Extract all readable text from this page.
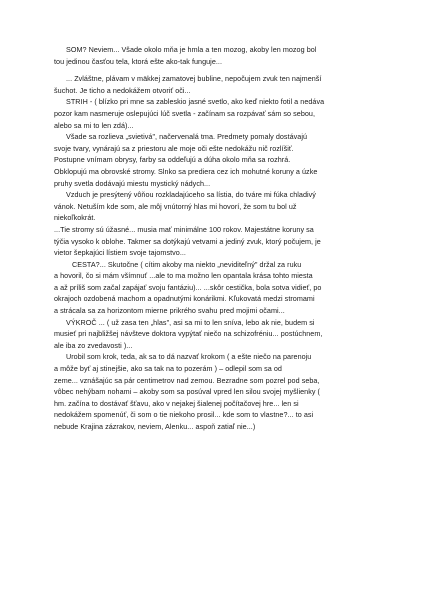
SOM? Neviem... Všade okolo mňa je hmla a ten mozog, akoby len mozog bol
tou jedinou časťou tela, ktorá ešte ako-tak funguje...
... Zvláštne, plávam v mäkkej zamatovej bubline, nepočujem zvuk ten najmenší
šuchot. Je ticho a nedokážem otvoriť oči...
STRIH - ( blízko pri mne sa zableskio jasné svetlo, ako keď niekto fotil a nedáva
pozor kam nasmeruje oslepujúci lúč svetla - začínam sa rozpávať sám so sebou,
alebo sa mi to len zdá)...
Všade sa rozlieva „svietivá", načervenalá tma. Predmety pomaly dostávajú
svoje tvary, vynárajú sa z priestoru ale moje oči ešte nedokážu nič rozlíšiť.
Postupne vnímam obrysy, farby sa oddeľujú a dúha okolo mňa sa rozhrá.
Obklopujú ma obrovské stromy. Slnko sa prediera cez ich mohutné koruny a úzke
pruhy svetla dodávajú miestu mystický nádych...
Vzduch je presýtený vôňou rozkladajúceho sa lístia, do tváre mi fúka chladivý
vánok. Netuším kde som, ale môj vnútorný hlas mi hovorí, že som tu bol už
niekoľkokrát.
...Tie stromy sú úžasné... musia mať minimálne 100 rokov. Majestátne koruny sa
týčia vysoko k oblohe. Takmer sa dotýkajú vetvami a jediný zvuk, ktorý počujem, je
vietor šepkajúci lístiem svoje tajomstvo...
CESTA?... Skutočne ( cítim akoby ma niekto „neviditeľný" držal za ruku
a hovoril, čo si mám všímnuť ...ale to ma možno len opantala krása tohto miesta
a až príliš som začal zapájať svoju fantáziu)... ...skôr cestička, bola sotva vidieť, po
okrajoch ozdobená machom a opadnutými konárikmi. Kľukovatá medzi stromami
a strácala sa za horizontom mierne prikrého svahu pred mojimi očami...
VÝKROČ ... ( už zasa ten „hlas", asi sa mi to len sníva, lebo ak nie, budem si
musieť pri najbližšej návšteve doktora vypýtať niečo na schizofréniu... postúchnem,
ale iba zo zvedavosti )...
Urobil som krok, teda, ak sa to dá nazvať krokom ( a ešte niečo na parenoju
a môže byť aj stinejšie, ako sa tak na to pozerám ) – odlepil som sa od
zeme... vznášajúc sa pár centimetrov nad zemou. Bezradne som pozrel pod seba,
vôbec nehýbam nohami – akoby som sa posúval vpred len silou svojej myšlienky (
hm. začína to dostávať šťavu, ako v nejakej šialenej počítačovej hre... len si
nedokážem spomenúť, či som o tie niekoho prosil... kde som to vlastne?... to asi
nebude Krajina zázrakov, neviem, Alenku... aspoň zatiaľ nie...)
